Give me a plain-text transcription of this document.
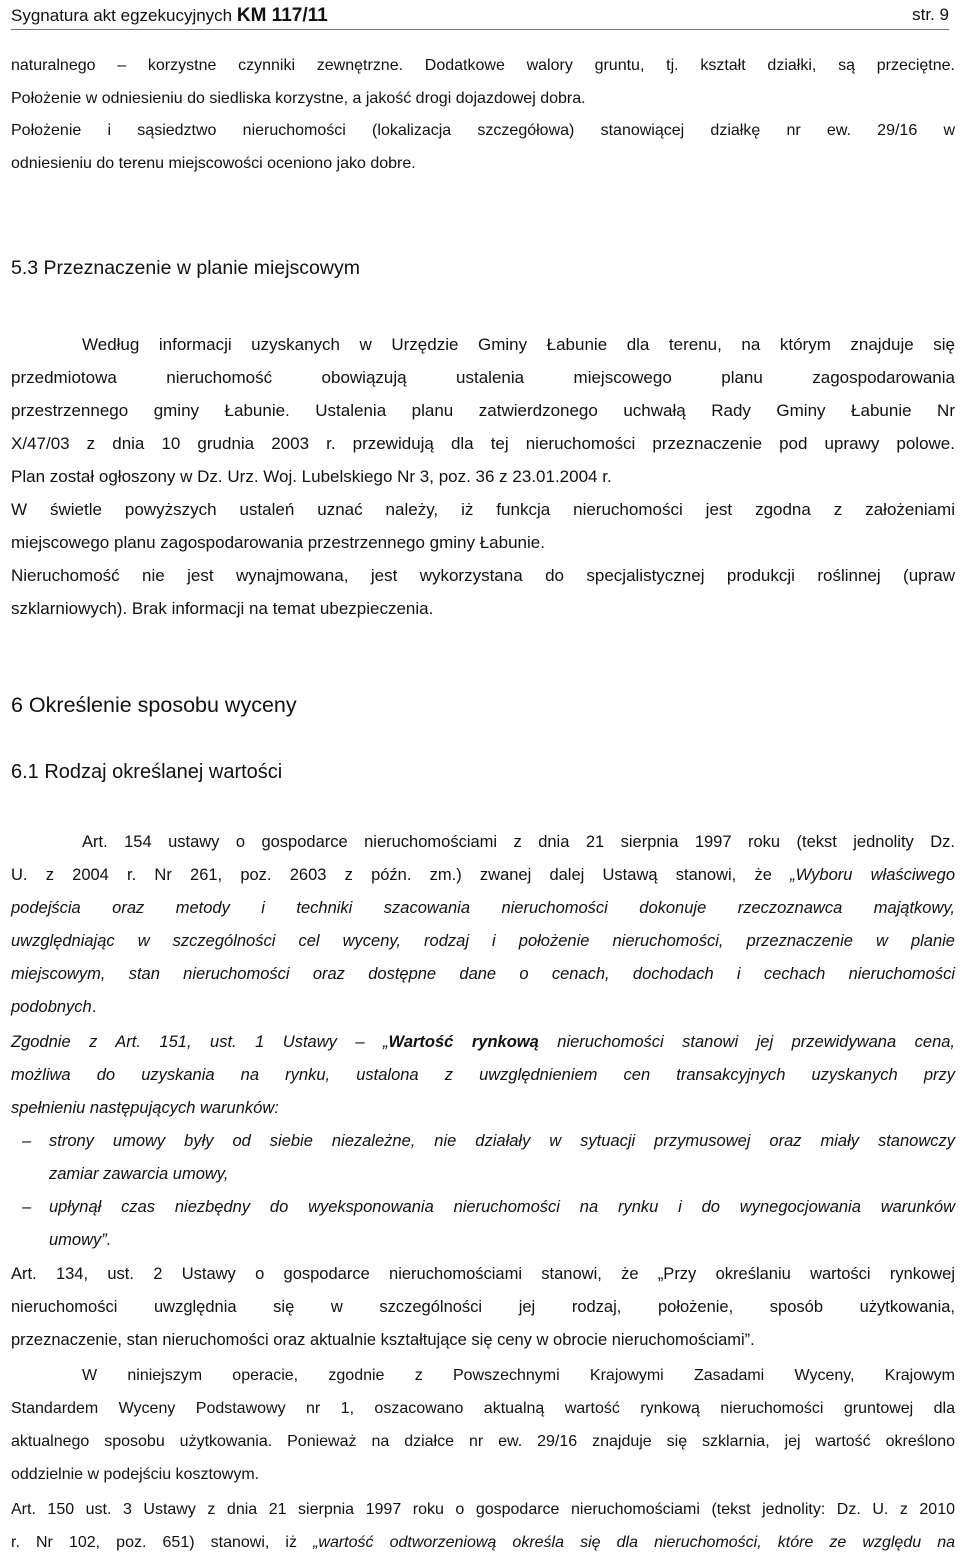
Sygnatura akt egzekucyjnych KM 117/11	str. 9
naturalnego – korzystne czynniki zewnętrzne. Dodatkowe walory gruntu, tj. kształt działki, są przeciętne.
Położenie w odniesieniu do siedliska korzystne, a jakość drogi dojazdowej dobra.
Położenie i sąsiedztwo nieruchomości (lokalizacja szczegółowa) stanowiącej działkę nr ew. 29/16 w
odniesieniu do terenu miejscowości oceniono jako dobre.
5.3 Przeznaczenie w planie miejscowym
Według informacji uzyskanych w Urzędzie Gminy Łabunie dla terenu, na którym znajduje się
przedmiotowa nieruchomość obowiązują ustalenia miejscowego planu zagospodarowania
przestrzennego gminy Łabunie. Ustalenia planu zatwierdzonego uchwałą Rady Gminy Łabunie Nr
X/47/03 z dnia 10 grudnia 2003 r. przewidują dla tej nieruchomości przeznaczenie pod uprawy polowe.
Plan został ogłoszony w Dz. Urz. Woj. Lubelskiego Nr 3, poz. 36 z 23.01.2004 r.
W świetle powyższych ustaleń uznać należy, iż funkcja nieruchomości jest zgodna z założeniami
miejscowego planu zagospodarowania przestrzennego gminy Łabunie.
Nieruchomość nie jest wynajmowana, jest wykorzystana do specjalistycznej produkcji roślinnej (upraw
szklarniowych). Brak informacji na temat ubezpieczenia.
6 Określenie sposobu wyceny
6.1 Rodzaj określanej wartości
Art. 154 ustawy o gospodarce nieruchomościami z dnia 21 sierpnia 1997 roku (tekst jednolity Dz.
U. z 2004 r. Nr 261, poz. 2603 z późn. zm.) zwanej dalej Ustawą stanowi, że „Wyboru właściwego
podejścia oraz metody i techniki szacowania nieruchomości dokonuje rzeczoznawca majątkowy,
uwzględniając w szczególności cel wyceny, rodzaj i położenie nieruchomości, przeznaczenie w planie
miejscowym, stan nieruchomości oraz dostępne dane o cenach, dochodach i cechach nieruchomości
podobnych.
Zgodnie z Art. 151, ust. 1 Ustawy – „Wartość rynkową nieruchomości stanowi jej przewidywana cena,
możliwa do uzyskania na rynku, ustalona z uwzględnieniem cen transakcyjnych uzyskanych przy
spełnieniu następujących warunków:
–	strony umowy były od siebie niezależne, nie działały w sytuacji przymusowej oraz miały stanowczy
zamiar zawarcia umowy,
–	upłynął czas niezbędny do wyeksponowania nieruchomości na rynku i do wynegocjowania warunków
umowy”.
Art. 134, ust. 2 Ustawy o gospodarce nieruchomościami stanowi, że „Przy określaniu wartości rynkowej
nieruchomości uwzględnia się w szczególności jej rodzaj, położenie, sposób użytkowania,
przeznaczenie, stan nieruchomości oraz aktualnie kształtujące się ceny w obrocie nieruchomościami”.
W niniejszym operacie, zgodnie z Powszechnymi Krajowymi Zasadami Wyceny, Krajowym
Standardem Wyceny Podstawowy nr 1, oszacowano aktualną wartość rynkową nieruchomości gruntowej dla
aktualnego sposobu użytkowania. Ponieważ na działce nr ew. 29/16 znajduje się szklarnia, jej wartość określono
oddzielnie w podejściu kosztowym.
Art. 150 ust. 3 Ustawy z dnia 21 sierpnia 1997 roku o gospodarce nieruchomościami (tekst jednolity: Dz. U. z 2010
r. Nr 102, poz. 651) stanowi, iż „wartość odtworzeniową określa się dla nieruchomości, które ze względu na
